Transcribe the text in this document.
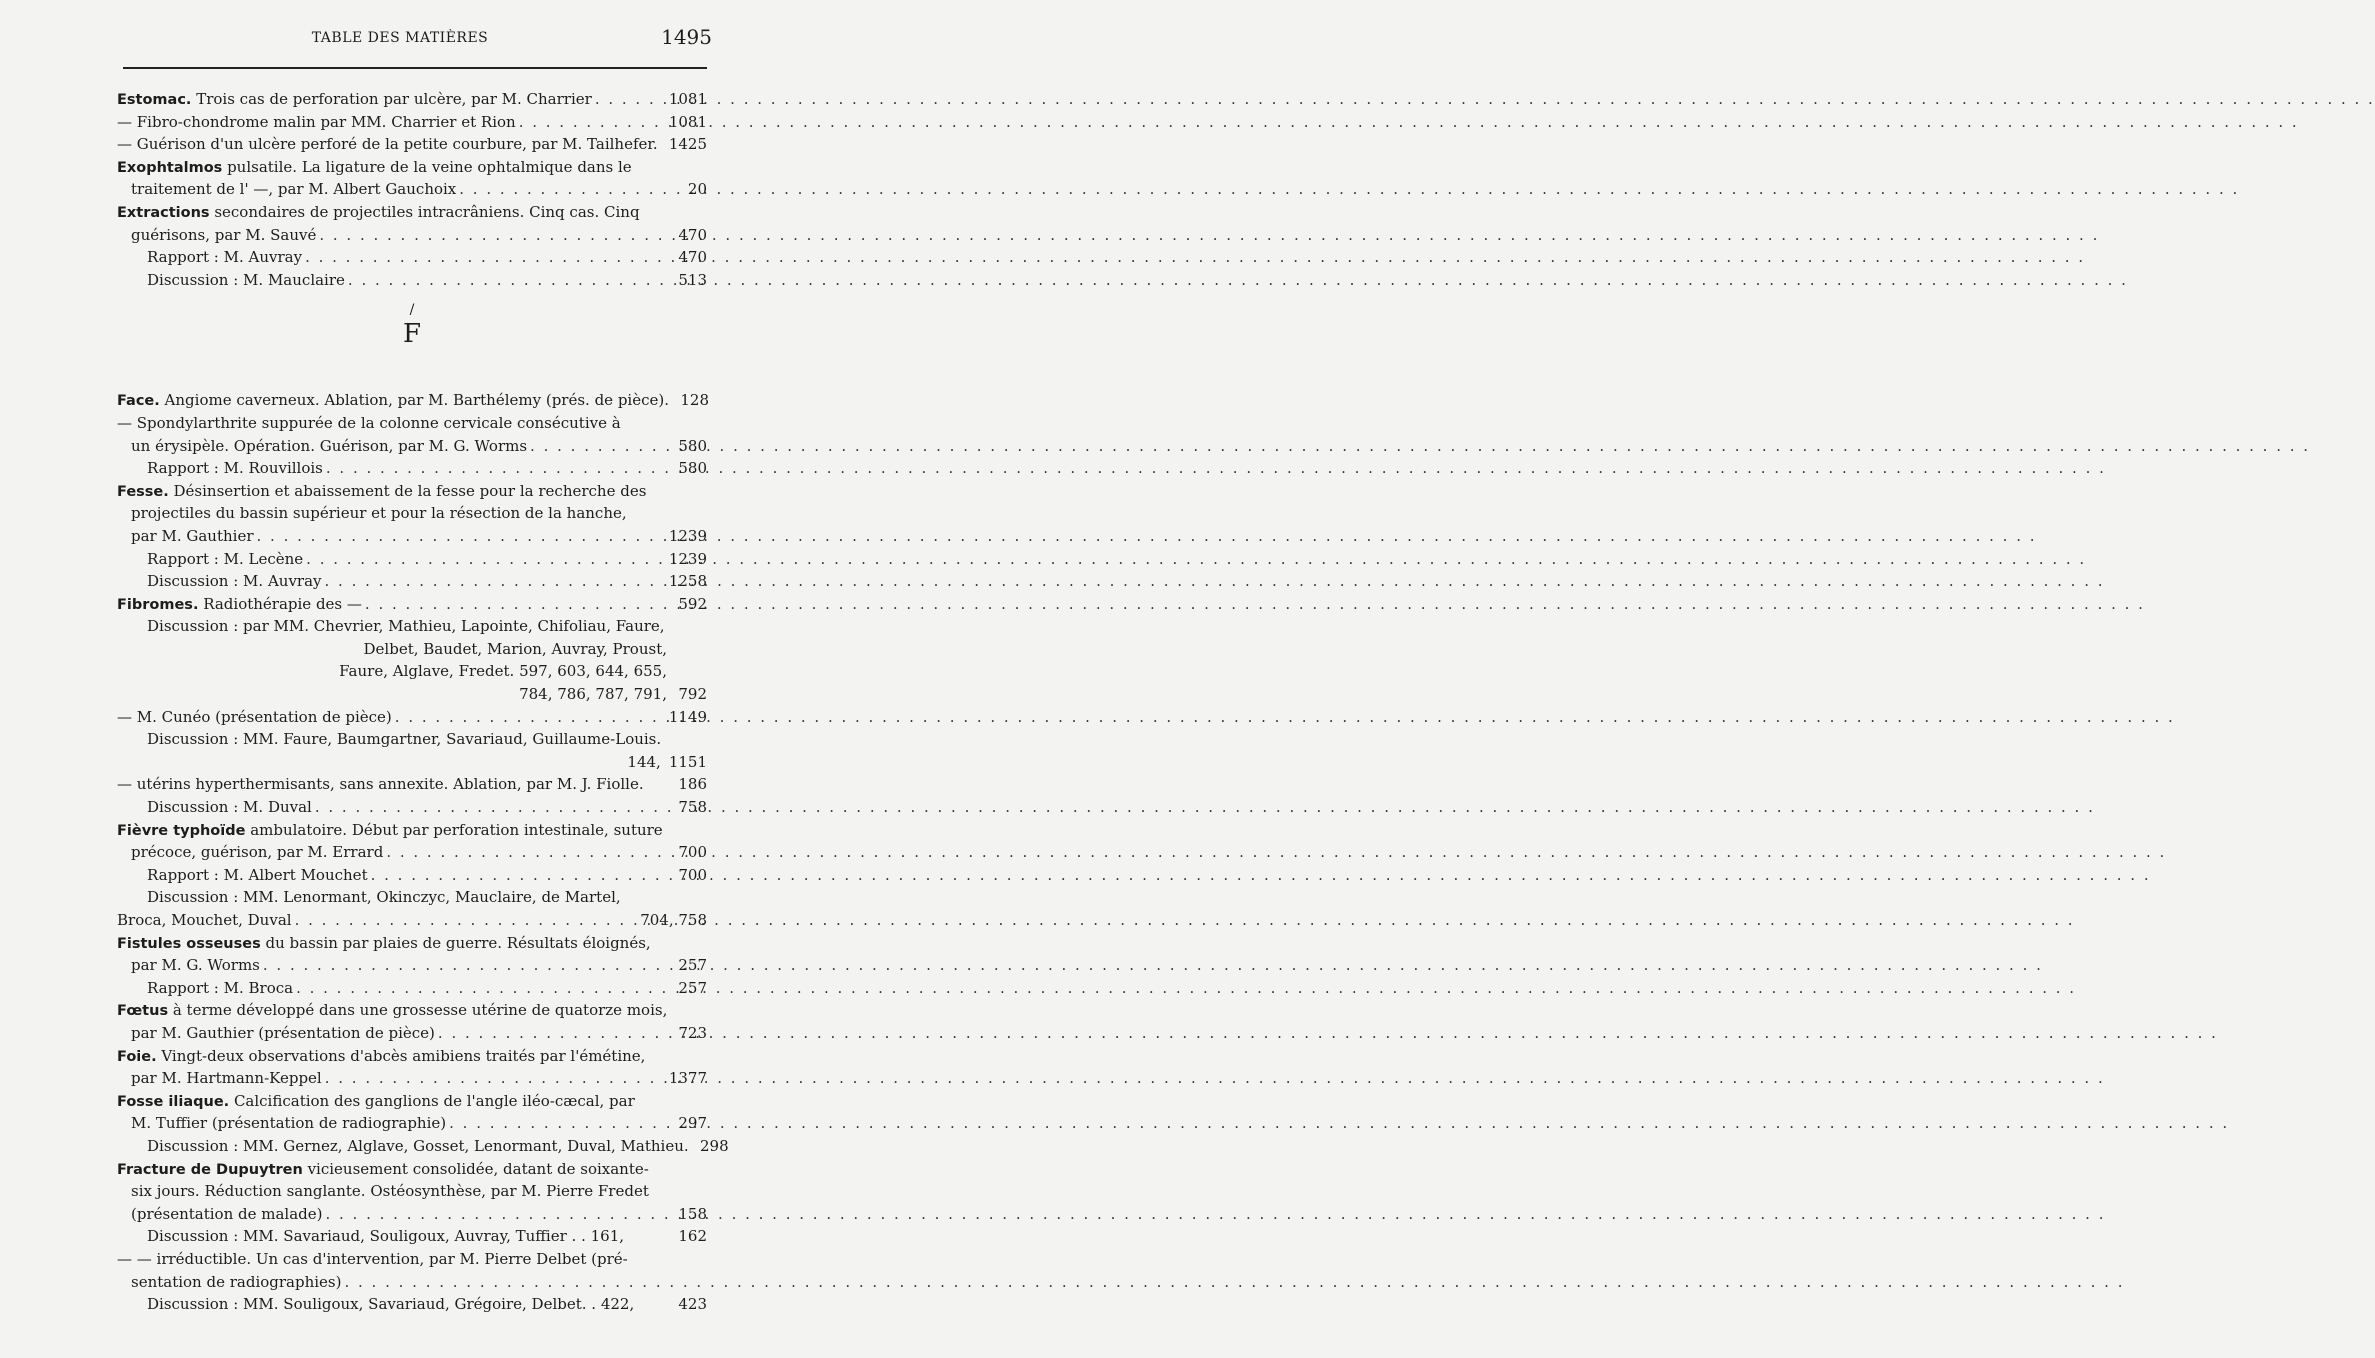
TABLE DES MATIÈRES	1495
Estomac. Trois cas de perforation par ulcère, par M. Charrier . . .	1081
— Fibro-chondrome malin par MM. Charrier et Rion . . .	1081
— Guérison d'un ulcère perforé de la petite courbure, par M. Tailhefer. 1425
Exophtalmos pulsatile. La ligature de la veine ophtalmique dans le
traitement de l' —, par M. Albert Gauchoix . . .	20
Extractions secondaires de projectiles intracrâniens. Cinq cas. Cinq
guérisons, par M. Sauvé . . .	470
Rapport : M. Auvray . . .	470
Discussion : M. Mauclaire . . .	513
/
F
Face. Angiome caverneux. Ablation, par M. Barthélemy (prés. de pièce). 128
— Spondylarthrite suppurée de la colonne cervicale consécutive à
un érysipèle. Opération. Guérison, par M. G. Worms . . .	580
Rapport : M. Rouvillois . . .	580
Fesse. Désinsertion et abaissement de la fesse pour la recherche des
projectiles du bassin supérieur et pour la résection de la hanche,
par M. Gauthier . . .	1239
Rapport : M. Lecène . . .	1239
Discussion : M. Auvray . . .	1258
Fibromes. Radiothérapie des — . . .	592
Discussion : par MM. Chevrier, Mathieu, Lapointe, Chifoliau, Faure,
Delbet, Baudet, Marion, Auvray, Proust,
Faure, Alglave, Fredet. 597, 603, 644, 655,
784, 786, 787, 791, 792
— M. Cunéo (présentation de pièce) . . .	1149
Discussion : MM. Faure, Baumgartner, Savariaud, Guillaume-Louis.
144, 1151
— utérins hyperthermisants, sans annexite. Ablation, par M. J. Fiolle. 186
Discussion : M. Duval . . .	758
Fièvre typhoïde ambulatoire. Début par perforation intestinale, suture
précoce, guérison, par M. Errard . . .	700
Rapport : M. Albert Mouchet . . .	700
Discussion : MM. Lenormant, Okinczyc, Mauclaire, de Martel,
Broca, Mouchet, Duval . . .	704, 758
Fistules osseuses du bassin par plaies de guerre. Résultats éloignés,
par M. G. Worms . . .	257
Rapport : M. Broca . . .	257
Fœtus à terme développé dans une grossesse utérine de quatorze mois,
par M. Gauthier (présentation de pièce) . . .	723
Foie. Vingt-deux observations d'abcès amibiens traités par l'émétine,
par M. Hartmann-Keppel . . .	1377
Fosse iliaque. Calcification des ganglions de l'angle iléo-cæcal, par
M. Tuffier (présentation de radiographie) . . .	297
Discussion : MM. Gernez, Alglave, Gosset, Lenormant, Duval, Mathieu. 298
Fracture de Dupuytren vicieusement consolidée, datant de soixante-
six jours. Réduction sanglante. Ostéosynthèse, par M. Pierre Fredet
(présentation de malade) . . .	158
Discussion : MM. Savariaud, Souligoux, Auvray, Tuffier . . 161,	162
— — irréductible. Un cas d'intervention, par M. Pierre Delbet (pré-
sentation de radiographies)
. . .
Discussion : MM. Souligoux, Savariaud, Grégoire, Delbet. . 422,	423
